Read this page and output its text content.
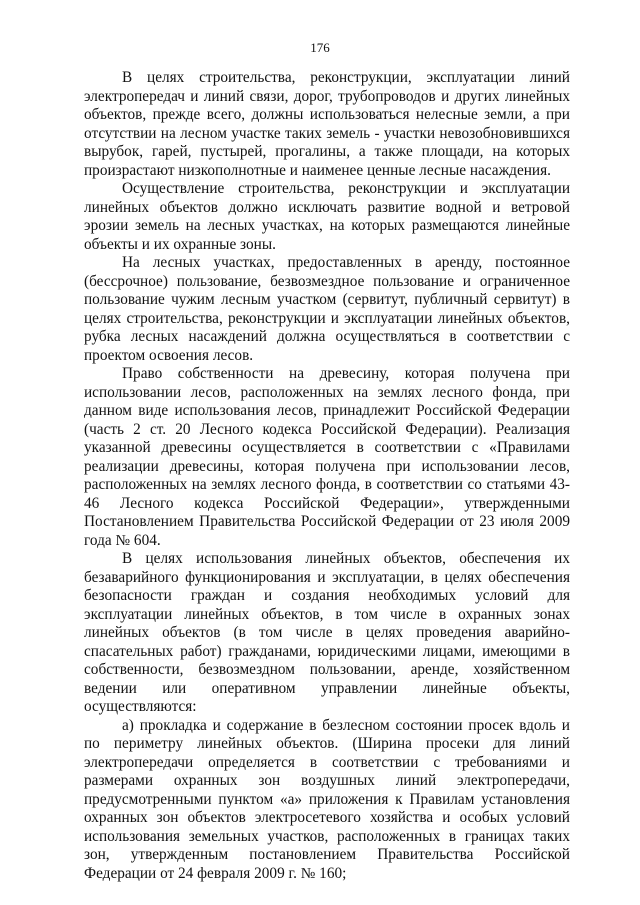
176

В целях строительства, реконструкции, эксплуатации линий электропередач и линий связи, дорог, трубопроводов и других линейных объектов, прежде всего, должны использоваться нелесные земли, а при отсутствии на лесном участке таких земель - участки невозобновившихся вырубок, гарей, пустырей, прогалины, а также площади, на которых произрастают низкополнотные и наименее ценные лесные насаждения.

Осуществление строительства, реконструкции и эксплуатации линейных объектов должно исключать развитие водной и ветровой эрозии земель на лесных участках, на которых размещаются линейные объекты и их охранные зоны.

На лесных участках, предоставленных в аренду, постоянное (бессрочное) пользование, безвозмездное пользование и ограниченное пользование чужим лесным участком (сервитут, публичный сервитут) в целях строительства, реконструкции и эксплуатации линейных объектов, рубка лесных насаждений должна осуществляться в соответствии с проектом освоения лесов.

Право собственности на древесину, которая получена при использовании лесов, расположенных на землях лесного фонда, при данном виде использования лесов, принадлежит Российской Федерации (часть 2 ст. 20 Лесного кодекса Российской Федерации). Реализация указанной древесины осуществляется в соответствии с «Правилами реализации древесины, которая получена при использовании лесов, расположенных на землях лесного фонда, в соответствии со статьями 43-46 Лесного кодекса Российской Федерации», утвержденными Постановлением Правительства Российской Федерации от 23 июля 2009 года № 604.

В целях использования линейных объектов, обеспечения их безаварийного функционирования и эксплуатации, в целях обеспечения безопасности граждан и создания необходимых условий для эксплуатации линейных объектов, в том числе в охранных зонах линейных объектов (в том числе в целях проведения аварийно-спасательных работ) гражданами, юридическими лицами, имеющими в собственности, безвозмездном пользовании, аренде, хозяйственном ведении или оперативном управлении линейные объекты, осуществляются:

а) прокладка и содержание в безлесном состоянии просек вдоль и по периметру линейных объектов. (Ширина просеки для линий электропередачи определяется в соответствии с требованиями и размерами охранных зон воздушных линий электропередачи, предусмотренными пунктом «а» приложения к Правилам установления охранных зон объектов электросетевого хозяйства и особых условий использования земельных участков, расположенных в границах таких зон, утвержденным постановлением Правительства Российской Федерации от 24 февраля 2009 г. № 160;
